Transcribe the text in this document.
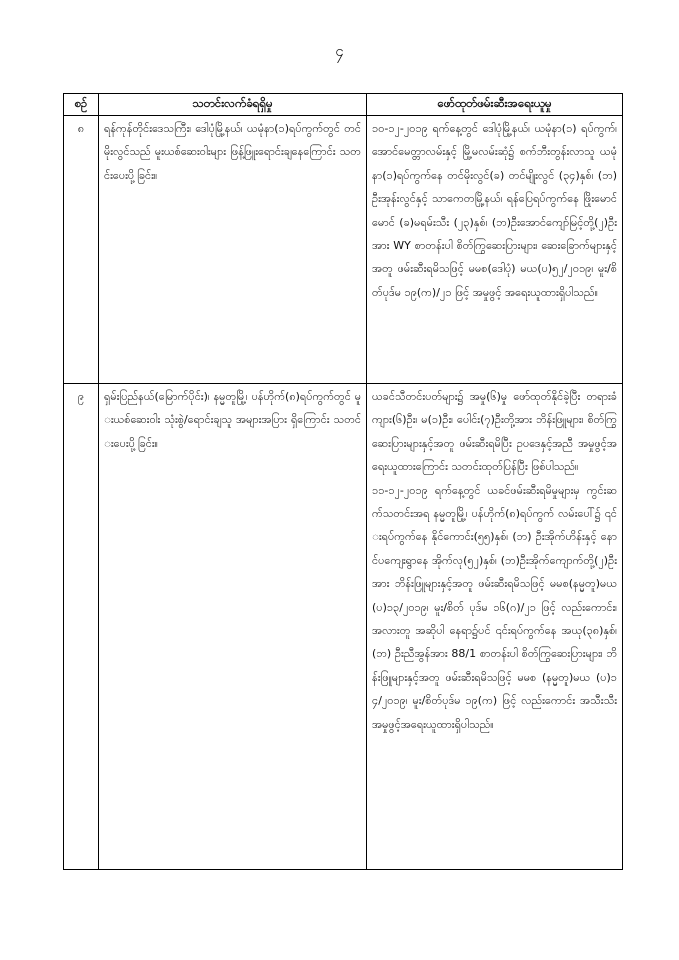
၄
စဉ်	သတင်းလက်ခံရရှိမှု	ဖော်ထုတ်ဖမ်းဆီးအရေးယူမှု
၈	ရန်ကုန်တိုင်းဒေသကြီး၊ ဒေါပုံမြို့နယ်၊ ယမုံနာ(၁)ရပ်ကွက်တွင် တင်မိုးလွင်သည် မူးယစ်ဆေးဝါးများ ဖြန့်ဖြူးရောင်းချနေကြောင်း သတင်းပေးပို့ခြင်း။	၁၀-၁၂-၂၀၁၉ ရက်နေ့တွင် ဒေါပုံမြို့နယ်၊ ယမုံနာ(၁) ရပ်ကွက်၊ အောင်မေတ္တာလမ်းနှင့် မြို့မလမ်းဆုံ၌ စက်ဘီးတွန်းလာသူ ယမုံနာ(၁)ရပ်ကွက်နေ တင်မိုးလွင်(ခ) တင်မျိုးလွင် (၃၄)နှစ်၊ (ဘ)ဦးအုန်းလွင်နှင့် သာကေတမြို့နယ်၊ ရန်ပြေရပ်ကွက်နေ ဖြိုးမောင်မောင် (ခ)မရမ်းသီး (၂၃)နှစ်၊ (ဘ)ဦးအောင်ကျော်မြင့်တို့(၂)ဦးအား WY စာတန်းပါ စိတ်ကြွဆေးပြားများ၊ ဆေးခြောက်များနှင့် အတူ ဖမ်းဆီးရမိသဖြင့် မမစ(ဒေါပုံ) မယ(ပ)၅၂/၂၀၁၉၊ မူး/စိတ်ပုဒ်မ ၁၉(က)/၂၁ ဖြင့် အမှုဖွင့် အရေးယူထားရှိပါသည်။

၉	ရှမ်းပြည်နယ်(မြောက်ပိုင်း)၊ နမ္မတူမြို့၊ ပန်ဟိုက်(၈)ရပ်ကွက်တွင် မူးယစ်ဆေးဝါး သုံးစွဲ/ရောင်းချသူ အများအပြား ရှိကြောင်း သတင်းပေးပို့ခြင်း။	ယခင်သီတင်းပတ်များ၌ အမှု(၆)မှု ဖော်ထုတ်နိုင်ခဲ့ပြီး တရားခံ ကျား(၆)ဦး၊ မ(၁)ဦး၊ ပေါင်း(၇)ဦးတို့အား ဘိန်းဖြူများ၊ စိတ်ကြွဆေးပြားများနှင့်အတူ ဖမ်းဆီးရမိပြီး ဥပဒေနှင့်အညီ အမှုဖွင့်အရေးယူထားကြောင်း သတင်းထုတ်ပြန်ပြီး ဖြစ်ပါသည်။

၁၁-၁၂-၂၀၁၉ ရက်နေ့တွင် ယခင်ဖမ်းဆီးရမိမှုများမှ ကွင်းဆက်သတင်းအရ နမ္မတူမြို့၊ ပန်ဟိုက်(၈)ရပ်ကွက် လမ်းပေါ်၌ ၎င်းရပ်ကွက်နေ နိုင်ကောင်း(၅၅)နှစ်၊ (ဘ) ဦးအိုက်ဟိန်းနှင့် နောင်ပကျေးရွာနေ အိုက်လု(၅၂)နှစ်၊ (ဘ)ဦးအိုက်ကျောက်တို့(၂)ဦးအား ဘိန်းဖြူများနှင့်အတူ ဖမ်းဆီးရမိသဖြင့် မမစ(နမ္မတူ)မယ(ပ)၁၃/၂၀၁၉၊ မူး/စိတ် ပုဒ်မ ၁၆(ဂ)/၂၁ ဖြင့် လည်းကောင်း၊ အလားတူ အဆိုပါ နေရာ၌ပင် ၎င်းရပ်ကွက်နေ အယု(၃၈)နှစ်၊ (ဘ) ဦးညီအွန်အား 88/1 စာတန်းပါ စိတ်ကြွဆေးပြားများ၊ ဘိန်းဖြူများနှင့်အတူ ဖမ်းဆီးရမိသဖြင့် မမစ (နမ္မတူ)မယ (ပ)၁၄/၂၀၁၉၊ မူး/စိတ်ပုဒ်မ ၁၉(က) ဖြင့် လည်းကောင်း အသီးသီး အမှုဖွင့်အရေးယူထားရှိပါသည်။
